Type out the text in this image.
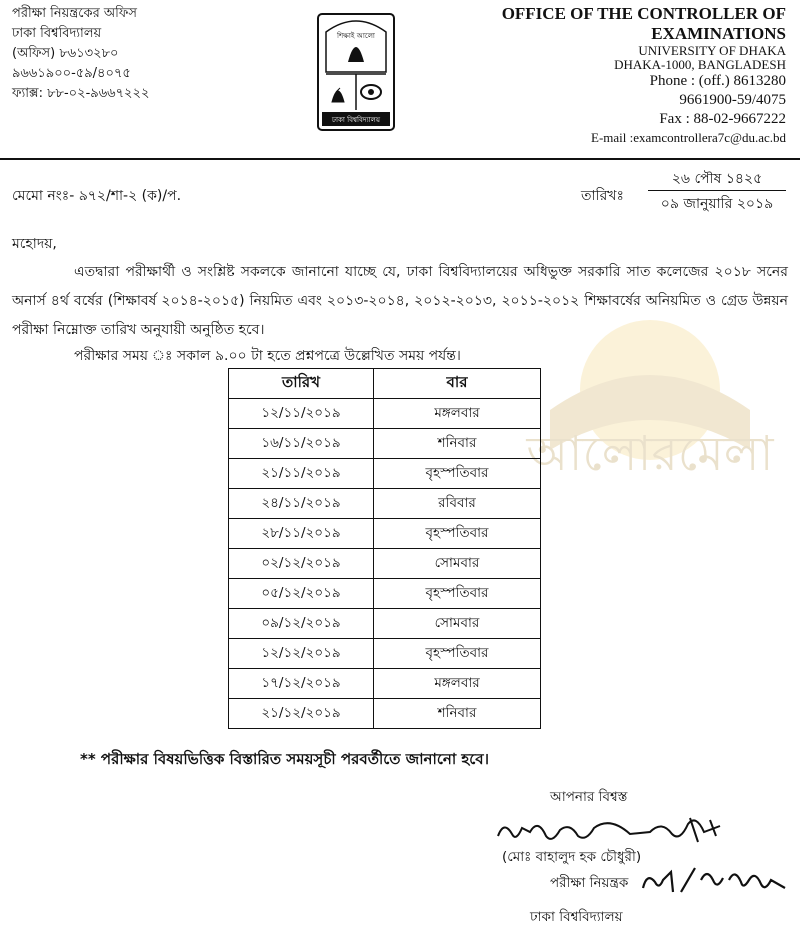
পরীক্ষা নিয়ন্ত্রকের অফিস
ঢাকা বিশ্ববিদ্যালয়
(অফিস) ৮৬১৩২৮০
৯৬৬১৯০০-৫৯/৪০৭৫
ফ্যাক্স: ৮৮-০২-৯৬৬৭২২২
ঢাকা বিশ্ববিদ্যালয়
শিক্ষাই আলো
OFFICE OF THE CONTROLLER OF
EXAMINATIONS
UNIVERSITY OF DHAKA
DHAKA-1000, BANGLADESH
Phone : (off.) 8613280
9661900-59/4075
Fax : 88-02-9667222
E-mail :examcontrollera7c@du.ac.bd
মেমো নংঃ- ৯৭২/শা-২ (ক)/প.	তারিখঃ
২৬ পৌষ ১৪২৫
০৯ জানুয়ারি ২০১৯
আলোরমেলা
মহোদয়,
এতদ্বারা পরীক্ষার্থী ও সংশ্লিষ্ট সকলকে জানানো যাচ্ছে যে, ঢাকা বিশ্ববিদ্যালয়ের অধিভুক্ত সরকারি সাত কলেজের ২০১৮ সনের অনার্স ৪র্থ বর্ষের (শিক্ষাবর্ষ ২০১৪-২০১৫) নিয়মিত এবং ২০১৩-২০১৪, ২০১২-২০১৩, ২০১১-২০১২ শিক্ষাবর্ষের অনিয়মিত ও গ্রেড উন্নয়ন পরীক্ষা নিম্নোক্ত তারিখ অনুযায়ী অনুষ্ঠিত হবে।
পরীক্ষার সময় ঃ সকাল ৯.০০ টা হতে প্রশ্নপত্রে উল্লেখিত সময় পর্যন্ত।
তারিখ	বার
১২/১১/২০১৯	মঙ্গলবার
১৬/১১/২০১৯	শনিবার
২১/১১/২০১৯	বৃহস্পতিবার
২৪/১১/২০১৯	রবিবার
২৮/১১/২০১৯	বৃহস্পতিবার
০২/১২/২০১৯	সোমবার
০৫/১২/২০১৯	বৃহস্পতিবার
০৯/১২/২০১৯	সোমবার
১২/১২/২০১৯	বৃহস্পতিবার
১৭/১২/২০১৯	মঙ্গলবার
২১/১২/২০১৯	শনিবার
** পরীক্ষার বিষয়ভিত্তিক বিস্তারিত সময়সূচী পরবর্তীতে জানানো হবে।
আপনার বিশ্বস্ত
(মোঃ বাহালুদ হক চৌধুরী)
পরীক্ষা নিয়ন্ত্রক
ঢাকা বিশ্ববিদ্যালয়
